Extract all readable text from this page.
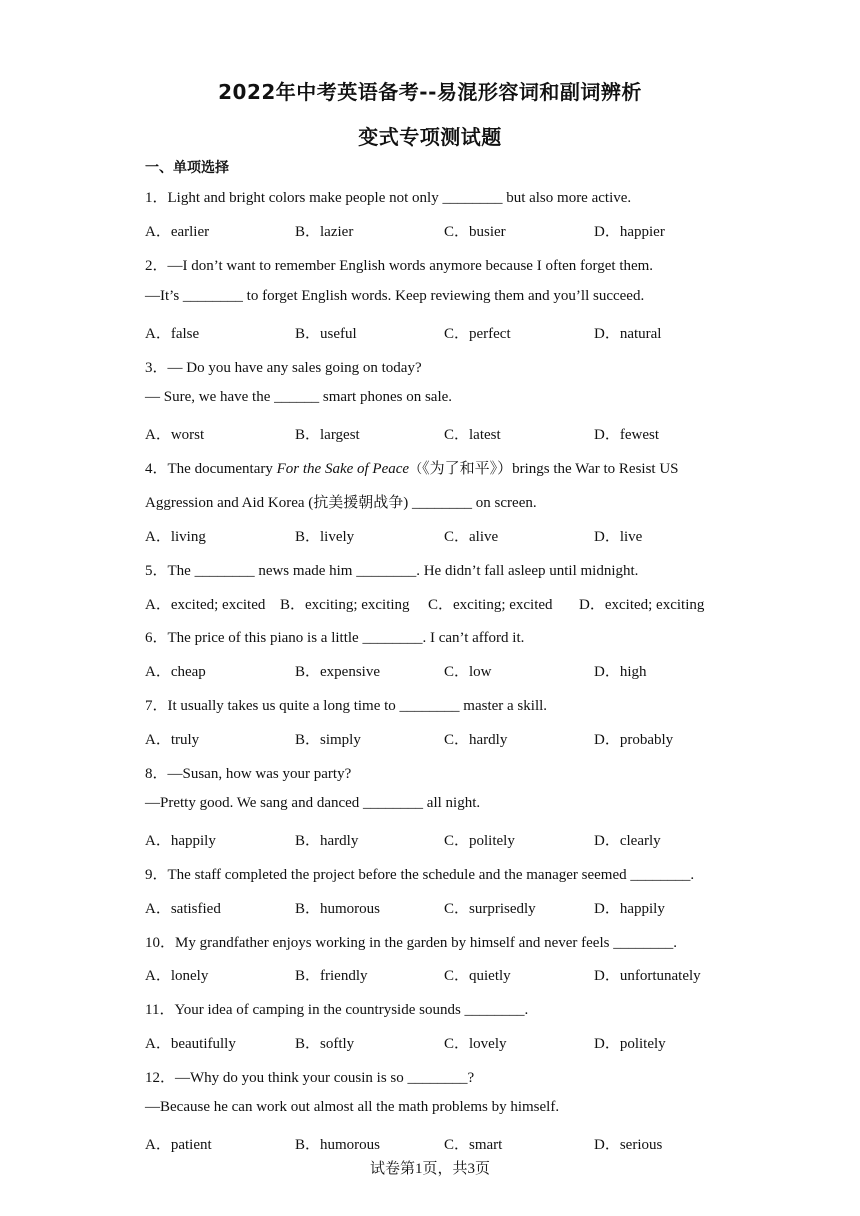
2022年中考英语备考--易混形容词和副词辨析
变式专项测试题
一、单项选择
1．Light and bright colors make people not only ________ but also more active.
A．earlier	B．lazier	C．busier	D．happier
2．—I don’t want to remember English words anymore because I often forget them.
—It’s ________ to forget English words. Keep reviewing them and you’ll succeed.
A．false	B．useful	C．perfect	D．natural
3．— Do you have any sales going on today?
— Sure, we have the ______ smart phones on sale.
A．worst	B．largest	C．latest	D．fewest
4．The documentary For the Sake of Peace（《为了和平》）brings the War to Resist US
Aggression and Aid Korea (抗美援朝战争) ________ on screen.
A．living	B．lively	C．alive	D．live
5．The ________ news made him ________. He didn’t fall asleep until midnight.
A．excited; excited B．exciting; exciting C．exciting; excited D．excited; exciting
6．The price of this piano is a little ________. I can’t afford it.
A．cheap	B．expensive	C．low	D．high
7．It usually takes us quite a long time to ________ master a skill.
A．truly	B．simply	C．hardly	D．probably
8．—Susan, how was your party?
—Pretty good. We sang and danced ________ all night.
A．happily	B．hardly	C．politely	D．clearly
9．The staff completed the project before the schedule and the manager seemed ________.
A．satisfied	B．humorous	C．surprisedly	D．happily
10．My grandfather enjoys working in the garden by himself and never feels ________.
A．lonely	B．friendly	C．quietly	D．unfortunately
11．Your idea of camping in the countryside sounds ________.
A．beautifully	B．softly	C．lovely	D．politely
12．—Why do you think your cousin is so ________?
—Because he can work out almost all the math problems by himself.
A．patient	B．humorous	C．smart	D．serious
试卷第1页，共3页
